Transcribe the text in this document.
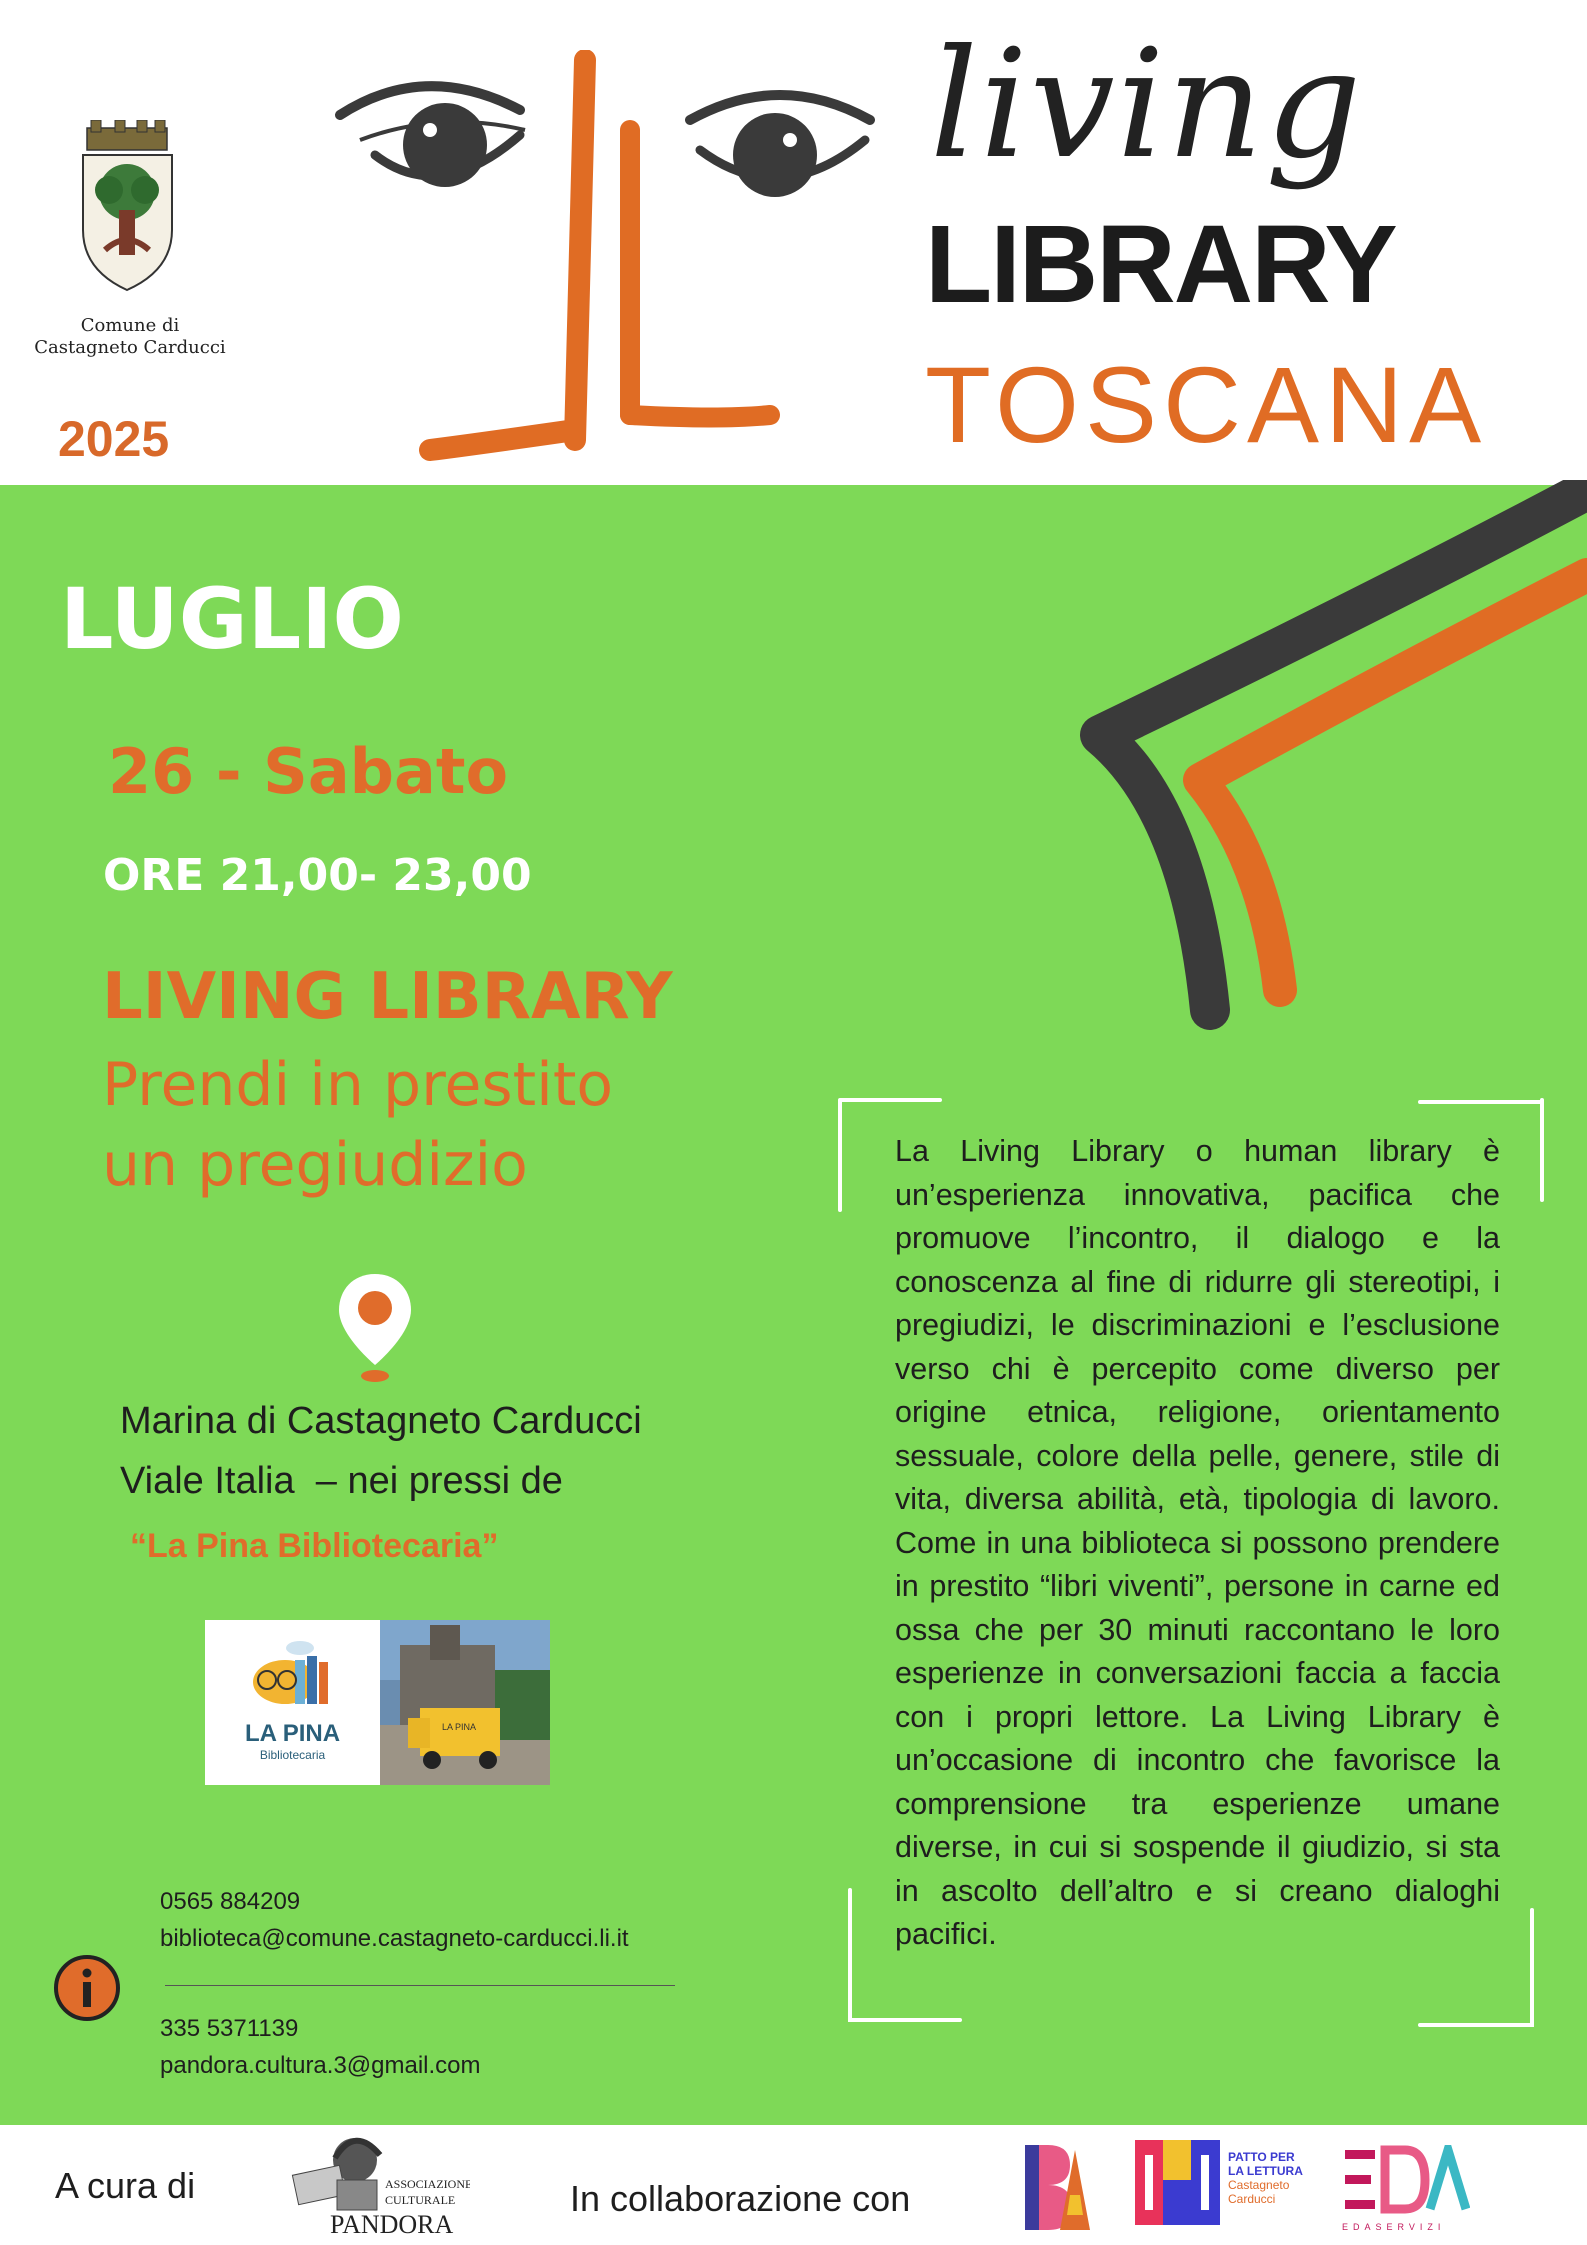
Comune di
Castagneto Carducci
2025
living
LIBRARY
TOSCANA
LUGLIO
26 - Sabato
ORE 21,00- 23,00
LIVING LIBRARY
Prendi in prestito
un pregiudizio
Marina di Castagneto Carducci
Viale Italia  – nei pressi de
“La Pina Bibliotecaria”
LA PINA
Bibliotecaria
LA PINA
La Living Library o human library è un’esperienza innovativa, pacifica che promuove l’incontro, il dialogo e la conoscenza al fine di ridurre gli stereotipi, i pregiudizi, le discriminazioni e l’esclusione verso chi è percepito come diverso per origine etnica, religione, orientamento sessuale, colore della pelle, genere, stile di vita, diversa abilità, età, tipologia di lavoro. Come in una biblioteca si possono prendere in prestito “libri viventi”, persone in carne ed ossa che per 30 minuti raccontano le loro esperienze in conversazioni faccia a faccia con i propri lettore. La Living Library è un’occasione di incontro che favorisce la comprensione tra esperienze umane diverse, in cui si sospende il giudizio, si sta in ascolto dell’altro e si creano dialoghi pacifici.
0565 884209
biblioteca@comune.castagneto-carducci.li.it
335 5371139
pandora.cultura.3@gmail.com
A cura di	ASSOCIAZIONE
CULTURALE
PANDORA
In collaborazione con
PATTO PER
LA LETTURA
Castagneto
Carducci
EDASERVIZI
